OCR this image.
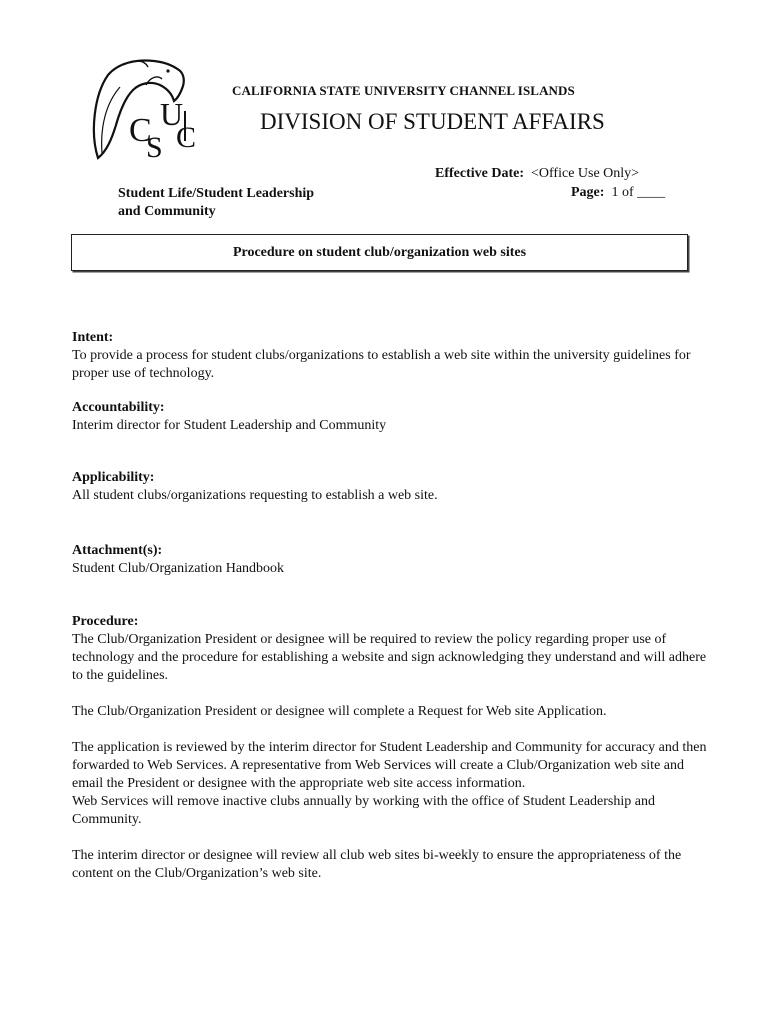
C
S
U
C
CALIFORNIA STATE UNIVERSITY CHANNEL ISLANDS
DIVISION OF STUDENT AFFAIRS
Effective Date: <Office Use Only>
Page: 1 of ____
Student Life/Student Leadership
and Community
Procedure on student club/organization web sites
Intent:

To provide a process for student clubs/organizations to establish a web site within the university guidelines for proper use of technology.

Accountability:

Interim director for Student Leadership and Community

Applicability:

All student clubs/organizations requesting to establish a web site.

Attachment(s):

Student Club/Organization Handbook

Procedure:

The Club/Organization President or designee will be required to review the policy regarding proper use of technology and the procedure for establishing a website and sign acknowledging they understand and will adhere to the guidelines.

The Club/Organization President or designee will complete a Request for Web site Application.

The application is reviewed by the interim director for Student Leadership and Community for accuracy and then forwarded to Web Services. A representative from Web Services will create a Club/Organization web site and email the President or designee with the appropriate web site access information.

Web Services will remove inactive clubs annually by working with the office of Student Leadership and Community.

The interim director or designee will review all club web sites bi-weekly to ensure the appropriateness of the content on the Club/Organization’s web site.
